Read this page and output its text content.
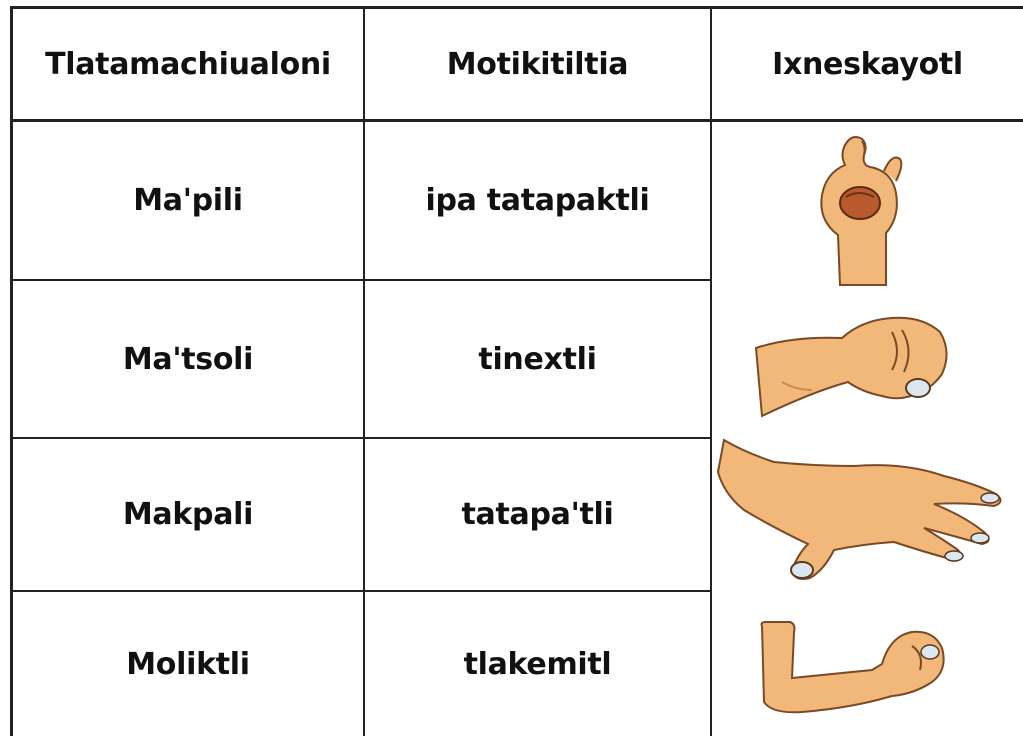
Tlatamachiualoni	Motikitiltia	Ixneskayotl
Ma'pili	ipa tatapaktli
Ma'tsoli	tinextli
Makpali	tatapa'tli
Moliktli	tlakemitl
